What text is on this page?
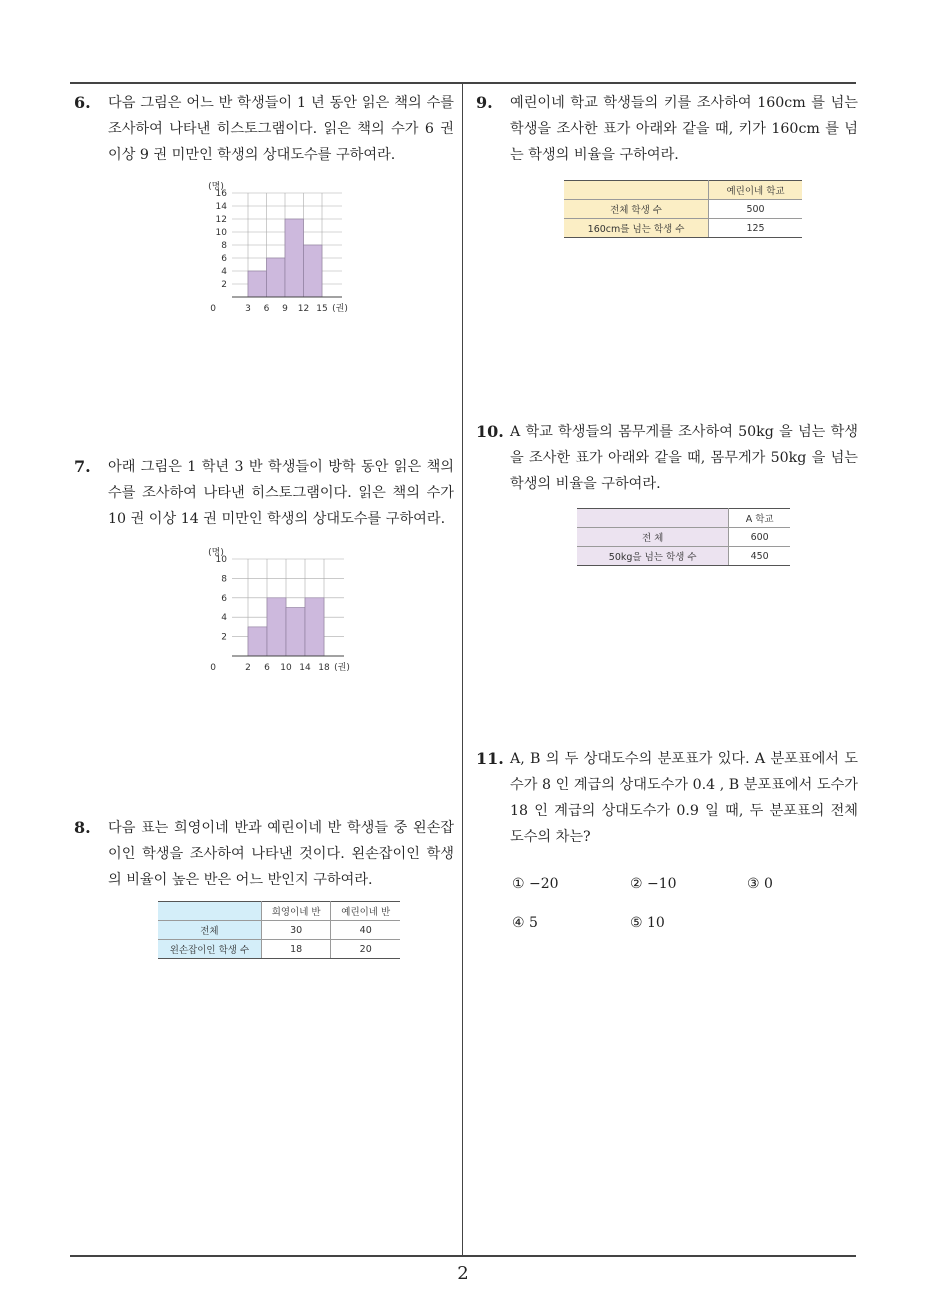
6. 다음 그림은 어느 반 학생들이 1 년 동안 읽은 책의 수를 조사하여 나타낸 히스토그램이다. 읽은 책의 수가 6 권 이상 9 권 미만인 학생의 상대도수를 구하여라.
16
14
12
10
8
6
4
2
0	3 6 9 12 15
(명)
(권)
7. 아래 그림은 1 학년 3 반 학생들이 방학 동안 읽은 책의 수를 조사하여 나타낸 히스토그램이다. 읽은 책의 수가 10 권 이상 14 권 미만인 학생의 상대도수를 구하여라.
10
8
6
4
2
0	2 6 10 14 18
(명)
(권)
8. 다음 표는 희영이네 반과 예린이네 반 학생들 중 왼손잡이인 학생을 조사하여 나타낸 것이다. 왼손잡이인 학생의 비율이 높은 반은 어느 반인지 구하여라.
	희영이네 반	예린이네 반
전체	30	40
왼손잡이인 학생 수	18	20
9. 예린이네 학교 학생들의 키를 조사하여 160cm 를 넘는 학생을 조사한 표가 아래와 같을 때, 키가 160cm 를 넘는 학생의 비율을 구하여라.
	예린이네 학교
전체 학생 수	500
160cm를 넘는 학생 수	125
10. A 학교 학생들의 몸무게를 조사하여 50kg 을 넘는 학생을 조사한 표가 아래와 같을 때, 몸무게가 50kg 을 넘는 학생의 비율을 구하여라.
	A 학교
전 체	600
50kg을 넘는 학생 수	450
11. A, B 의 두 상대도수의 분포표가 있다. A 분포표에서 도수가 8 인 계급의 상대도수가 0.4 , B 분포표에서 도수가 18 인 계급의 상대도수가 0.9 일 때, 두 분포표의 전체 도수의 차는?
① −20	② −10	③ 0
④ 5	⑤ 10
2
